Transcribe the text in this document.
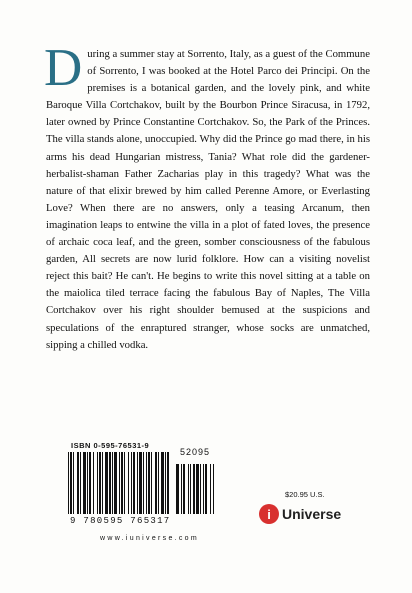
During a summer stay at Sorrento, Italy, as a guest of the Commune of Sorrento, I was booked at the Hotel Parco dei Principi. On the premises is a botanical garden, and the lovely pink, and white Baroque Villa Cortchakov, built by the Bourbon Prince Siracusa, in 1792, later owned by Prince Constantine Cortchakov. So, the Park of the Princes. The villa stands alone, unoccupied. Why did the Prince go mad there, in his arms his dead Hungarian mistress, Tania? What role did the gardener-herbalist-shaman Father Zacharias play in this tragedy? What was the nature of that elixir brewed by him called Perenne Amore, or Everlasting Love? When there are no answers, only a teasing Arcanum, then imagination leaps to entwine the villa in a plot of fated loves, the presence of archaic coca leaf, and the green, somber consciousness of the fabulous garden, All secrets are now lurid folklore. How can a visiting novelist reject this bait? He can't. He begins to write this novel sitting at a table on the maiolica tiled terrace facing the fabulous Bay of Naples, The Villa Cortchakov over his right shoulder bemused at the suspicions and speculations of the enraptured stranger, whose socks are unmatched, sipping a chilled vodka.
ISBN 0-595-76531-9
52095
9 780595 765317
www.iuniverse.com
$20.95 U.S.
i Universe
